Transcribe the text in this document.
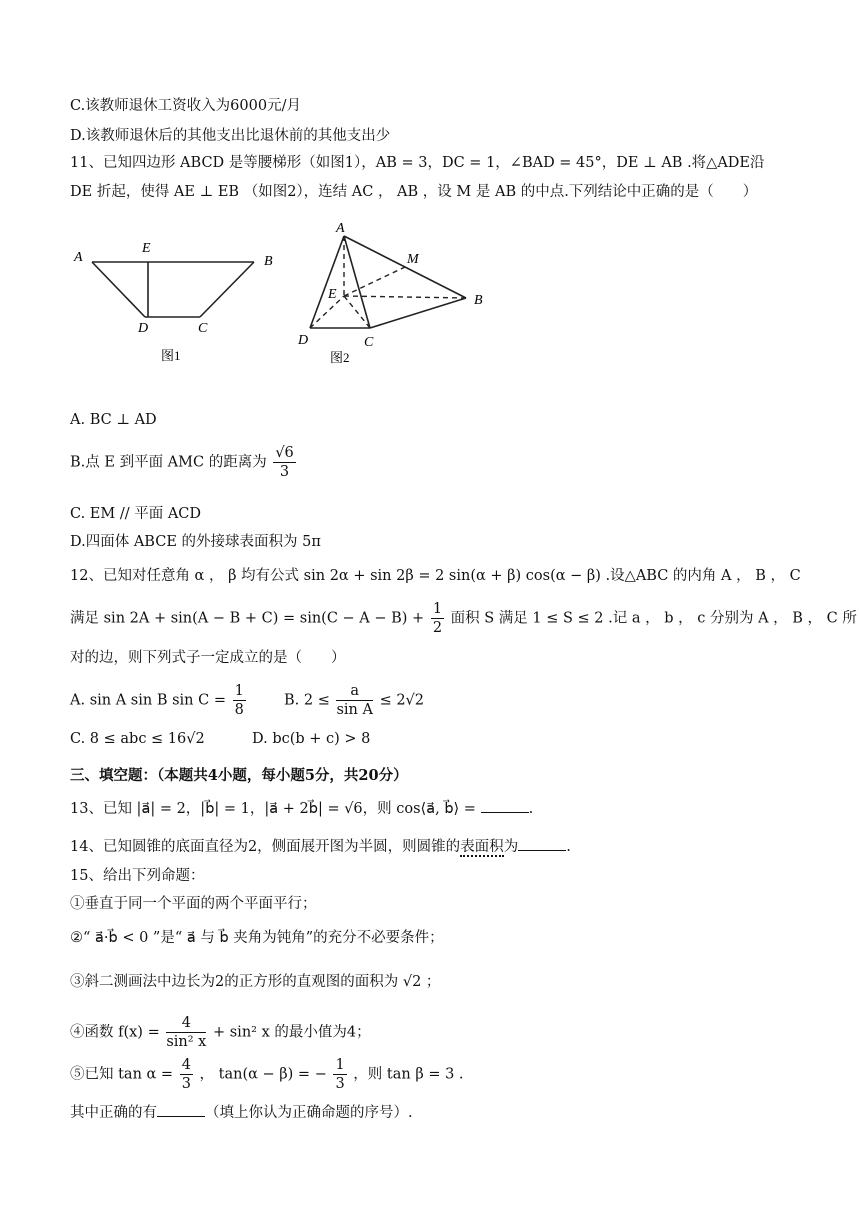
C.该教师退休工资收入为6000元/月
D.该教师退休后的其他支出比退休前的其他支出少
11、已知四边形 ABCD 是等腰梯形（如图1），AB = 3，DC = 1，∠BAD = 45°，DE ⊥ AB .将△ADE沿
DE 折起，使得 AE ⊥ EB （如图2），连结 AC ， AB ，设 M 是 AB 的中点.下列结论中正确的是（　　）
A
E
B
D	C
图1
A
M
E	B
D	C
图2
A. BC ⊥ AD
B.点 E 到平面 AMC 的距离为 $\frac{√6}{3}$
C. EM // 平面 ACD
D.四面体 ABCE 的外接球表面积为 5π
12、已知对任意角 α ， β 均有公式 sin 2α + sin 2β = 2 sin(α + β) cos(α − β) .设△ABC 的内角 A ， B ， C
满足 $\sin 2A + \sin(A - B + C) = \sin(C - A - B) + \frac{1}{2}$ 面积 S 满足 1 ≤ S ≤ 2 .记 a ， b ， c 分别为 A ， B ， C 所
对的边，则下列式子一定成立的是（　　）
A. sin A sin B $\sin C = \frac{1}{8}$	B. $2 \le \frac{a}{\text{sin A}} \le 2√2$
C. 8 ≤ abc ≤ 16√2	D. bc(b + c) > 8
三、填空题：（本题共4小题，每小题5分，共20分）
13、已知 |a⃗| = 2，|b⃗| = 1，|a⃗ + 2b⃗| = √6，则 cos⟨a⃗, b⃗⟩ =	.
14、已知圆锥的底面直径为2，侧面展开图为半圆，则圆锥的表面积为	.
15、给出下列命题：
①垂直于同一个平面的两个平面平行；
②“ a⃗·b⃗ < 0 ”是“ a⃗ 与 b⃗ 夹角为钝角”的充分不必要条件；
③斜二测画法中边长为2的正方形的直观图的面积为 √2 ；
④函数 $f(x) = \frac{4}{\text{sin² x}} + \sin^2$ x 的最小值为4；
⑤已知 $\tan \alpha = \frac{4}{3}$ ， tan(α − β) = − $\frac{1}{3}$ ，则 tan β = 3 .
其中正确的有	（填上你认为正确命题的序号）.
